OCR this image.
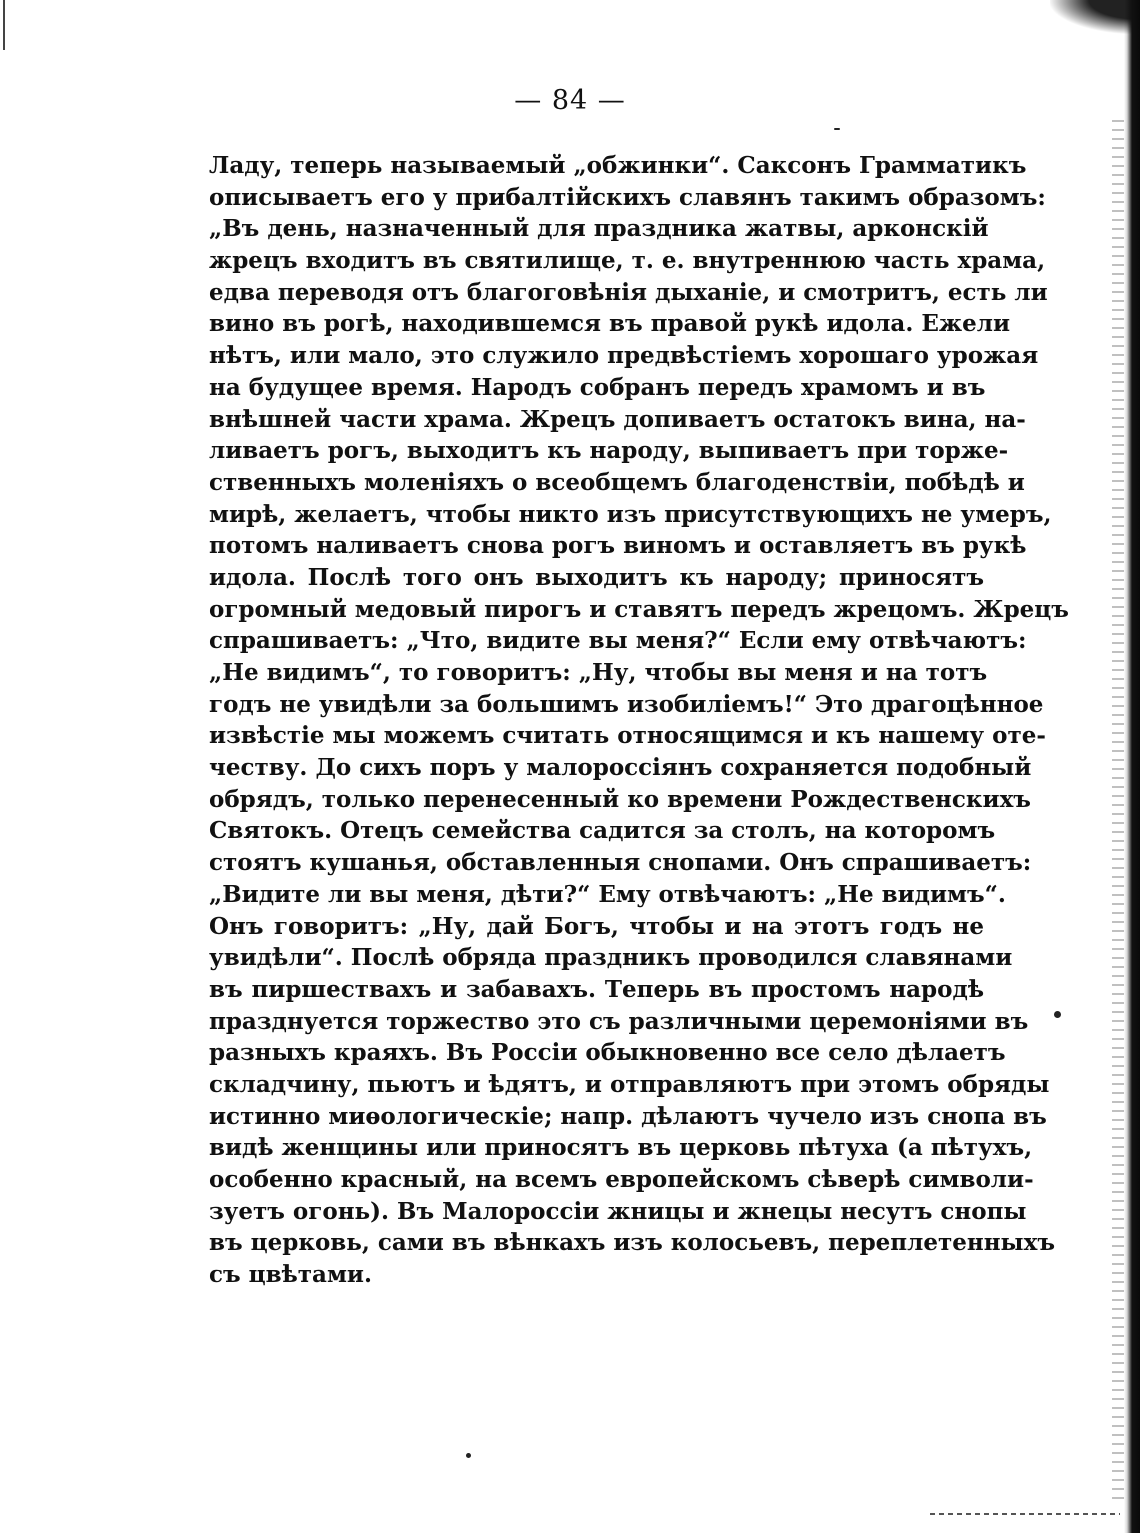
— 84 —
Ладу, теперь называемый „обжинки“. Саксонъ Грамматикъ
описываетъ его у прибалтійскихъ славянъ такимъ образомъ:
„Въ день, назначенный для праздника жатвы, арконскій
жрецъ входитъ въ святилище, т. е. внутреннюю часть храма,
едва переводя отъ благоговѣнія дыханіе, и смотритъ, есть ли
вино въ рогѣ, находившемся въ правой рукѣ идола. Ежели
нѣтъ, или мало, это служило предвѣстіемъ хорошаго урожая
на будущее время. Народъ собранъ передъ храмомъ и въ
внѣшней части храма. Жрецъ допиваетъ остатокъ вина, на-
ливаетъ рогъ, выходитъ къ народу, выпиваетъ при торже-
ственныхъ моленіяхъ о всеобщемъ благоденствіи, побѣдѣ и
мирѣ, желаетъ, чтобы никто изъ присутствующихъ не умеръ,
потомъ наливаетъ снова рогъ виномъ и оставляетъ въ рукѣ
идола. Послѣ того онъ выходитъ къ народу; приносятъ
огромный медовый пирогъ и ставятъ передъ жрецомъ. Жрецъ
спрашиваетъ: „Что, видите вы меня?“ Если ему отвѣчаютъ:
„Не видимъ“, то говоритъ: „Ну, чтобы вы меня и на тотъ
годъ не увидѣли за большимъ изобиліемъ!“ Это драгоцѣнное
извѣстіе мы можемъ считать относящимся и къ нашему оте-
честву. До сихъ поръ у малороссіянъ сохраняется подобный
обрядъ, только перенесенный ко времени Рождественскихъ
Святокъ. Отецъ семейства садится за столъ, на которомъ
стоятъ кушанья, обставленныя снопами. Онъ спрашиваетъ:
„Видите ли вы меня, дѣти?“ Ему отвѣчаютъ: „Не видимъ“.
Онъ говоритъ: „Ну, дай Богъ, чтобы и на этотъ годъ не
увидѣли“. Послѣ обряда праздникъ проводился славянами
въ пиршествахъ и забавахъ. Теперь въ простомъ народѣ
празднуется торжество это съ различными церемоніями въ
разныхъ краяхъ. Въ Россіи обыкновенно все село дѣлаетъ
складчину, пьютъ и ѣдятъ, и отправляютъ при этомъ обряды
истинно миѳологическіе; напр. дѣлаютъ чучело изъ снопа въ
видѣ женщины или приносятъ въ церковь пѣтуха (а пѣтухъ,
особенно красный, на всемъ европейскомъ сѣверѣ символи-
зуетъ огонь). Въ Малороссіи жницы и жнецы несутъ снопы
въ церковь, сами въ вѣнкахъ изъ колосьевъ, переплетенныхъ
съ цвѣтами.
